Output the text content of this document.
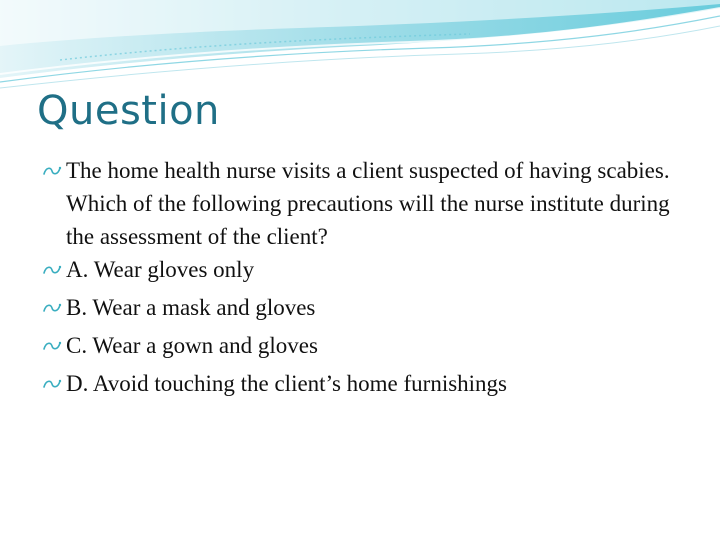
Question
The home health nurse visits a client suspected of having scabies. Which of the following precautions will the nurse institute during the assessment of the client?
A. Wear gloves only
B. Wear a mask and gloves
C. Wear a gown and gloves
D. Avoid touching the client’s home furnishings
